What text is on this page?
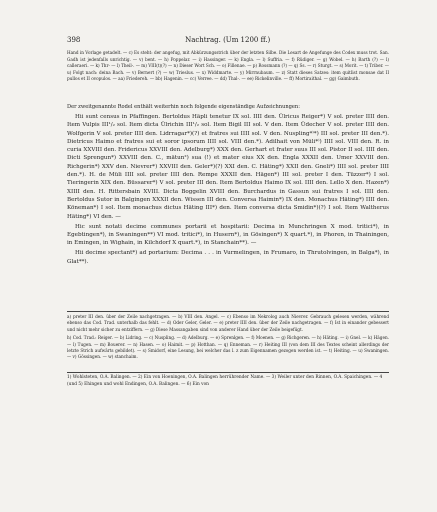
398	Nachtrag. (Um 1200 ff.)
Hand in Vorlage getadelt. — c) Es steht: der angefug, mit Abkürzungsstrich über der letzten Silbe. Die Lesart de Angefunge des Codex muss trot. San. Gadh ist jedenfalls unrichtig. — v) bent. — h) Poppelar. — i) Hassinger. — k) Engla. — l) Suffria. — f) Rüdiger. — g) Wobel. — h) Barth (?) — l) calleraeri. — k) Thr- — l) Theil-. — m) VIII(t)(?) — n) Dieser Wort Sch. — o) Fillenae. — p) Rossmann (?) — q) Ss. — r) Sturgt. — s) Morit. — t) Triber. — u) Folgt nach: deina Bach. — v) Bernert (?) — w) Trieslus. — x) Widdmarte. — y) Mirrnubaum. — z) Statt dieses Satzes: item quitlist monsae dat II pullos et II ovopulos. — aa) Friedereh. — bb) Hagenin. — cc) Verree. — dd) Thal-. — ee) Rickelinville. — ff) Mortiraithal. — gg) Gaimbuth.
Der zweitgenannte Rodel enthält weiterhin noch folgende eigenständige Aufzeichnungen:

Hii sunt census in Pfaffingen. Bertoldus Häpli tenetur IX sol. IIII den. Ülricus Reiger*) V sol. preter IIII den. Item Vulpis III¹/₂ sol. Item dicta Ülrichin III¹/₂ sol. Item Bigil III sol. V den. Item Üdecher V sol. preter IIII den. Wolfgerin V sol. preter IIII den. Lidrragar*)(?) et fratres sui IIII sol. V den. Nuspling*⁾*) III sol. preter III den.*). Dietricus Haimo et fratres sui et soror ipsorum IIII sol. VIII den.*). Adilhait von Müli*⁾) IIII sol. VIII den. R. in curia XXVIII den. Fridericus XXVIII den. Adelburg*) XXX den. Gerhart et frater suus III sol. Pistor II sol. IIII den. Dicti Sprengun*) XXVIII den. C., mätun²) sua (!) et mater eius XX den. Engla XXXII den. Umer XXVIII den. Richgerin*) XXV den. Nievrer*) XXVIII den. Geler*)(?) XXI den. C. Häting*) XXII den. Gneli*) IIII sol. preter IIII den.*). H. de Müli IIII sol. preter IIII den. Rempe XXXII den. Hägen*) III sol. preter I den. Tüzzer*) I sol. Tieringerin XIX den. Büssarer*) V sol. preter III den. Item Bertoldus Haimo IX sol. IIII den. Lello X den. Hazen*) XIIII den. H. Rittersbain XVIII. Dicta Boggelin XVIII den. Burchardus in Gassun sui fratres I sol. IIII den. Bertoldus Sutor in Balgingen XXXII den. Wissen III den. Conversa Haimin*) IX den. Monachus Häting*) IIII den. Köneman*) I sol. Item monachus dictus Häting III*) den. Item conversa dicta Smidin*)(?) I sol. Item Waltherus Häting*) VI den. —

Hic sunt notati decime communes portarii et hospitarii: Decima in Munchringen X mod. tritici*), in Egebtingen*), in Swaningen**) VI mod. tritici*), in Husern*), in Gösingen*) X quart.*), in Phoren, in Thainingen, in Emingen, in Wighain, in Kilchdorf X quart.*), in Stanchain**). —

Hii decime spectant*) ad portarium: Decima . . . in Vurmelingen, in Frumaro, in Thrutolvingen, in Balga*), in Glat**).

a) preter III den. über der Zeile nachgetragen. — b) VIII den. Angel. — c) Ebenso im Nekrolog auch Nievrer. Gebrauch gelesen werden, während ebenso das Cod. Trad. unterhalb das fehlt. — d) Oder Geler, Geler. — e) preter IIII den. über der Zeile nachgetragen. — f) Ist in einander gebessert und nicht mehr sicher zu entziffern. — g) Diese Massangaben sind von anderer Hand über der Zeile beigefügt.

h) Cod. Trad.: Reiger. — b) Lidring. — c) Nuspling. — d) Adelburg. — e) Sprenlgen. — f) Moenen. — g) Richgeren. — h) Häting. — i) Gnel. — k) Hägen. — l) Tugen. — m) Bouerer. — n) Hasen. — o) Haimit. — p) Hotthan. — q) Enneman. — r) Heiting III (von dem III des Textes scheint allerdings der letzte Strich aufwärts gebildet). — s) Smidorf, eine Lesung, bei welcher das l. z zum Eigennamen gezogen werden ist. — t) Heiting. — u) Swaningen. — v) Gössingen. — w) stanchaim.

1) Wohlsteten, O.A. Balingen. — 2) Ein von Hoeningen, O.A. Balingen herrührender Name. — 3) Weiler unter den Rinnen, O.A. Spaichingen. — 4 (und 5) Ehingen und wohl Endingen, O.A. Balingen. — 6) Ein von
